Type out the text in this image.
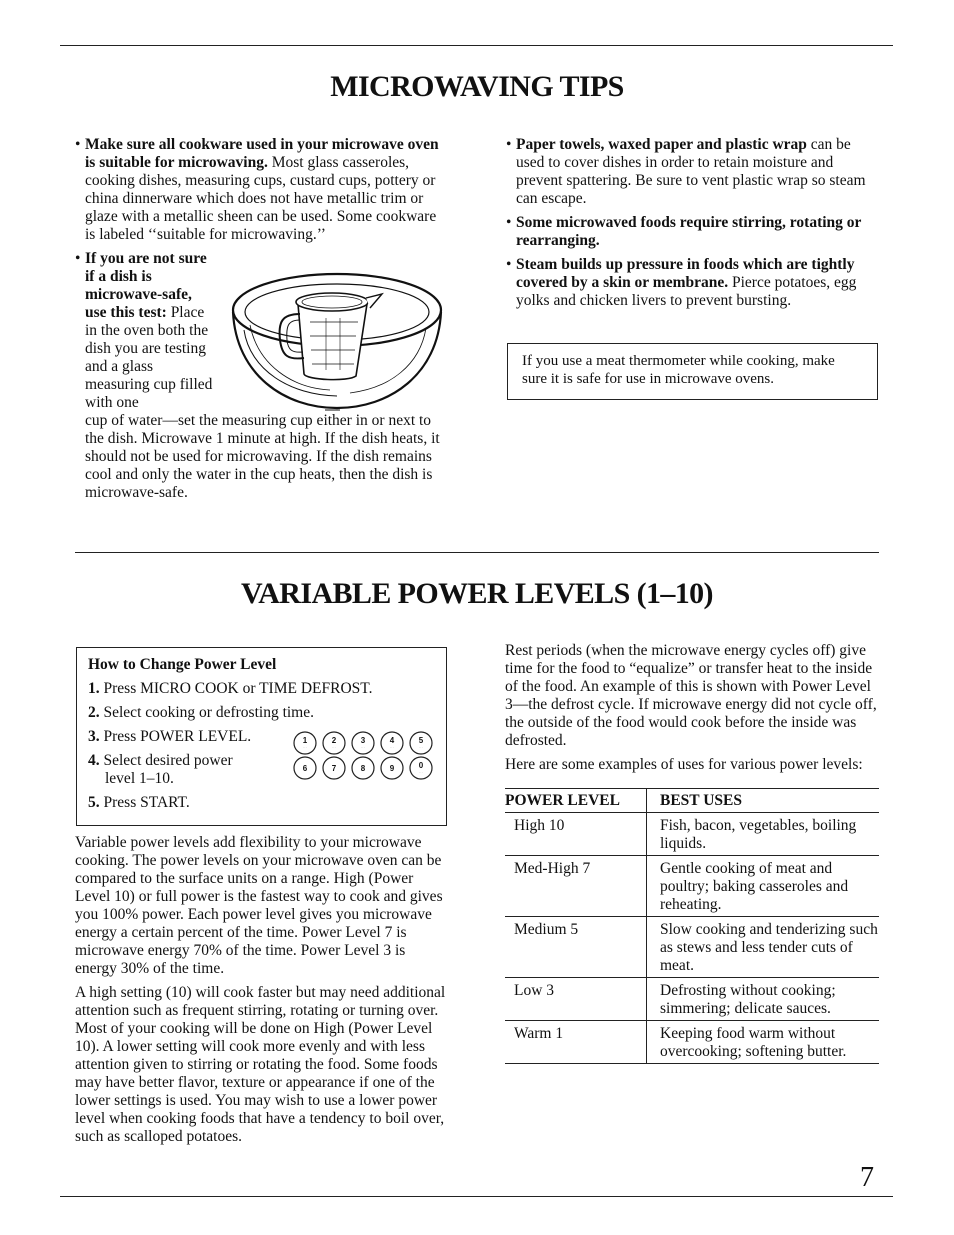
MICROWAVING TIPS
• Make sure all cookware used in your microwave oven is suitable for microwaving. Most glass casseroles, cooking dishes, measuring cups, custard cups, pottery or china dinnerware which does not have metallic trim or glaze with a metallic sheen can be used. Some cookware is labeled ‘‘suitable for microwaving.’’
• If you are not sure if a dish is microwave-safe, use this test: Place in the oven both the dish you are testing and a glass measuring cup filled with one
cup of water—set the measuring cup either in or next to the dish. Microwave 1 minute at high. If the dish heats, it should not be used for microwaving. If the dish remains cool and only the water in the cup heats, then the dish is microwave-safe.
• Paper towels, waxed paper and plastic wrap can be used to cover dishes in order to retain moisture and prevent spattering. Be sure to vent plastic wrap so steam can escape.
• Some microwaved foods require stirring, rotating or rearranging.
• Steam builds up pressure in foods which are tightly covered by a skin or membrane. Pierce potatoes, egg yolks and chicken livers to prevent bursting.
If you use a meat thermometer while cooking, make sure it is safe for use in microwave ovens.
VARIABLE POWER LEVELS (1–10)
How to Change Power Level
1. Press MICRO COOK or TIME DEFROST.
2. Select cooking or defrosting time.
3. Press POWER LEVEL.
4. Select desired power level 1–10.
5. Press START.
1
· · ·
2
· · ·
3
· · ·
4
· · ·
5
· · ·
6	7	8	9	0
· · ·

Variable power levels add flexibility to your microwave cooking. The power levels on your microwave oven can be compared to the surface units on a range. High (Power Level 10) or full power is the fastest way to cook and gives you 100% power. Each power level gives you microwave energy a certain percent of the time. Power Level 7 is microwave energy 70% of the time. Power Level 3 is energy 30% of the time.

A high setting (10) will cook faster but may need additional attention such as frequent stirring, rotating or turning over. Most of your cooking will be done on High (Power Level 10). A lower setting will cook more evenly and with less attention given to stirring or rotating the food. Some foods may have better flavor, texture or appearance if one of the lower settings is used. You may wish to use a lower power level when cooking foods that have a tendency to boil over, such as scalloped potatoes.

Rest periods (when the microwave energy cycles off) give time for the food to “equalize” or transfer heat to the inside of the food. An example of this is shown with Power Level 3—the defrost cycle. If microwave energy did not cycle off, the outside of the food would cook before the inside was defrosted.

Here are some examples of uses for various power levels:

POWER LEVEL	BEST USES
High 10	Fish, bacon, vegetables, boiling liquids.
Med-High 7	Gentle cooking of meat and poultry; baking casseroles and reheating.
Medium 5	Slow cooking and tenderizing such as stews and less tender cuts of meat.
Low 3	Defrosting without cooking; simmering; delicate sauces.
Warm 1	Keeping food warm without overcooking; softening butter.
7
